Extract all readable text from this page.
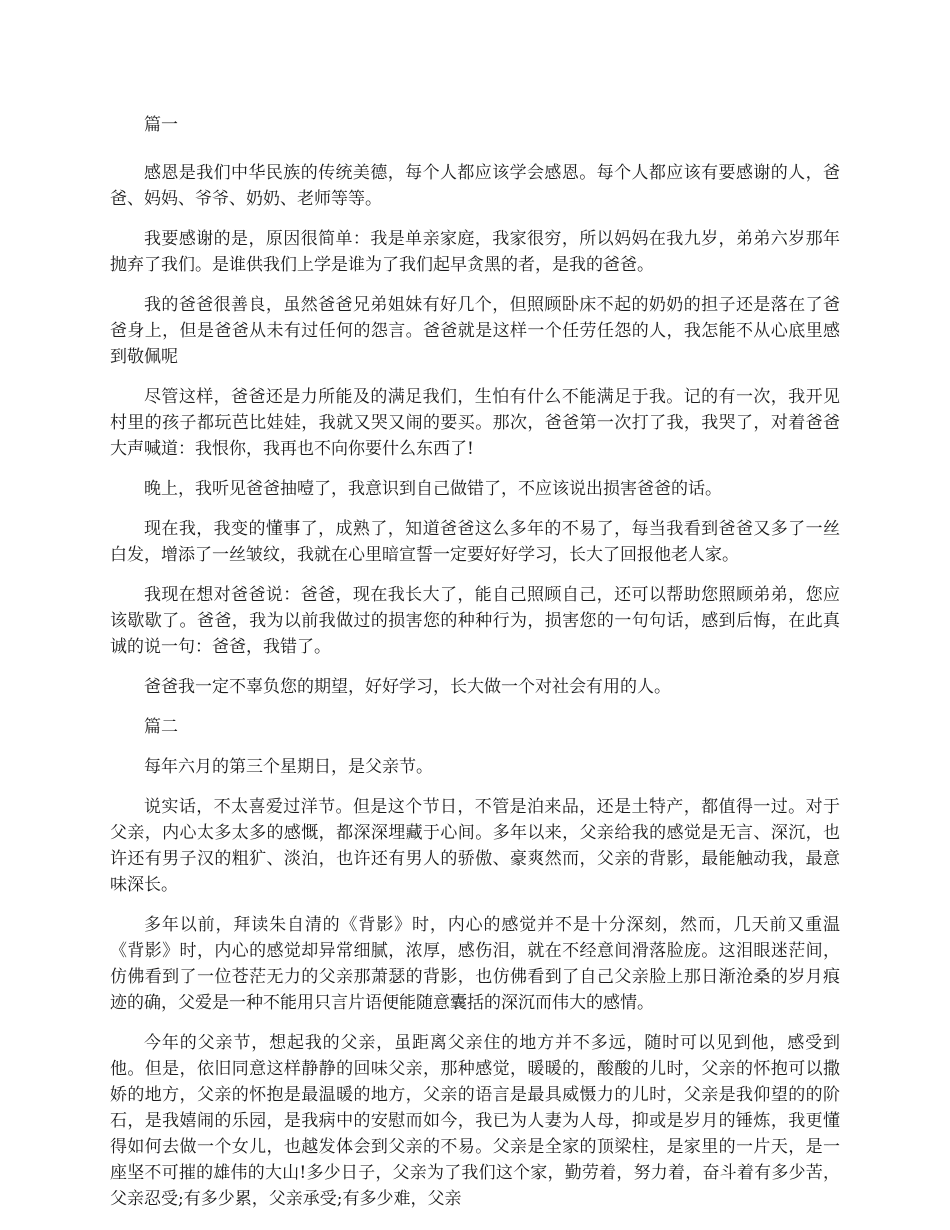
篇一
感恩是我们中华民族的传统美德，每个人都应该学会感恩。每个人都应该有要感谢的人，爸爸、妈妈、爷爷、奶奶、老师等等。
我要感谢的是，原因很简单：我是单亲家庭，我家很穷，所以妈妈在我九岁，弟弟六岁那年抛弃了我们。是谁供我们上学是谁为了我们起早贪黑的者，是我的爸爸。
我的爸爸很善良，虽然爸爸兄弟姐妹有好几个，但照顾卧床不起的奶奶的担子还是落在了爸爸身上，但是爸爸从未有过任何的怨言。爸爸就是这样一个任劳任怨的人，我怎能不从心底里感到敬佩呢
尽管这样，爸爸还是力所能及的满足我们，生怕有什么不能满足于我。记的有一次，我开见村里的孩子都玩芭比娃娃，我就又哭又闹的要买。那次，爸爸第一次打了我，我哭了，对着爸爸大声喊道：我恨你，我再也不向你要什么东西了!
晚上，我听见爸爸抽噎了，我意识到自己做错了，不应该说出损害爸爸的话。
现在我，我变的懂事了，成熟了，知道爸爸这么多年的不易了，每当我看到爸爸又多了一丝白发，增添了一丝皱纹，我就在心里暗宣誓一定要好好学习，长大了回报他老人家。
我现在想对爸爸说：爸爸，现在我长大了，能自己照顾自己，还可以帮助您照顾弟弟，您应该歇歇了。爸爸，我为以前我做过的损害您的种种行为，损害您的一句句话，感到后悔，在此真诚的说一句：爸爸，我错了。
爸爸我一定不辜负您的期望，好好学习，长大做一个对社会有用的人。
篇二
每年六月的第三个星期日，是父亲节。
说实话，不太喜爱过洋节。但是这个节日，不管是泊来品，还是土特产，都值得一过。对于父亲，内心太多太多的感慨，都深深埋藏于心间。多年以来，父亲给我的感觉是无言、深沉，也许还有男子汉的粗犷、淡泊，也许还有男人的骄傲、豪爽然而，父亲的背影，最能触动我，最意味深长。
多年以前，拜读朱自清的《背影》时，内心的感觉并不是十分深刻，然而，几天前又重温《背影》时，内心的感觉却异常细腻，浓厚，感伤泪，就在不经意间滑落脸庞。这泪眼迷茫间，仿佛看到了一位苍茫无力的父亲那萧瑟的背影，也仿佛看到了自己父亲脸上那日渐沧桑的岁月痕迹的确，父爱是一种不能用只言片语便能随意囊括的深沉而伟大的感情。
今年的父亲节，想起我的父亲，虽距离父亲住的地方并不多远，随时可以见到他，感受到他。但是，依旧同意这样静静的回味父亲，那种感觉，暖暖的，酸酸的儿时，父亲的怀抱可以撒娇的地方，父亲的怀抱是最温暖的地方，父亲的语言是最具威慑力的儿时，父亲是我仰望的的阶石，是我嬉闹的乐园，是我病中的安慰而如今，我已为人妻为人母，抑或是岁月的锤炼，我更懂得如何去做一个女儿，也越发体会到父亲的不易。父亲是全家的顶梁柱，是家里的一片天，是一座坚不可摧的雄伟的大山!多少日子，父亲为了我们这个家，勤劳着，努力着，奋斗着有多少苦，父亲忍受;有多少累，父亲承受;有多少难，父亲
